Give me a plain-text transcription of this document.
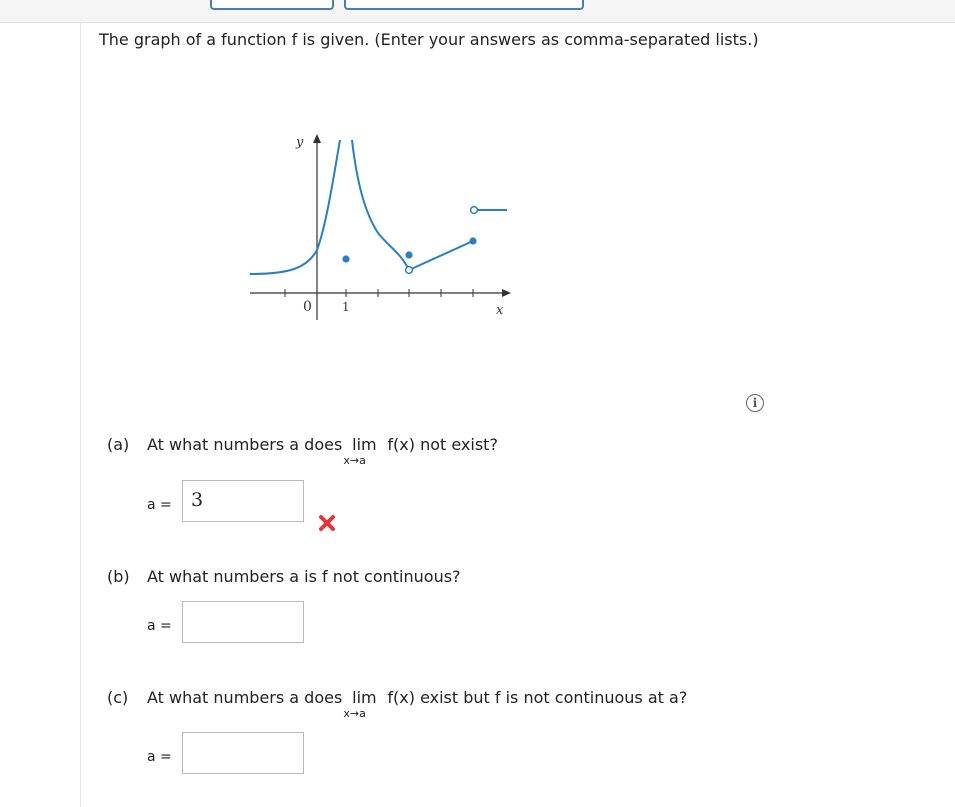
The graph of a function f is given. (Enter your answers as comma-separated lists.)
y
x
0	1
i
(a) At what numbers a does lim
x→a
f(x) not exist?
a =	3
(b) At what numbers a is f not continuous?
a =
(c) At what numbers a does lim
x→a
f(x) exist but f is not continuous at a?
a =
